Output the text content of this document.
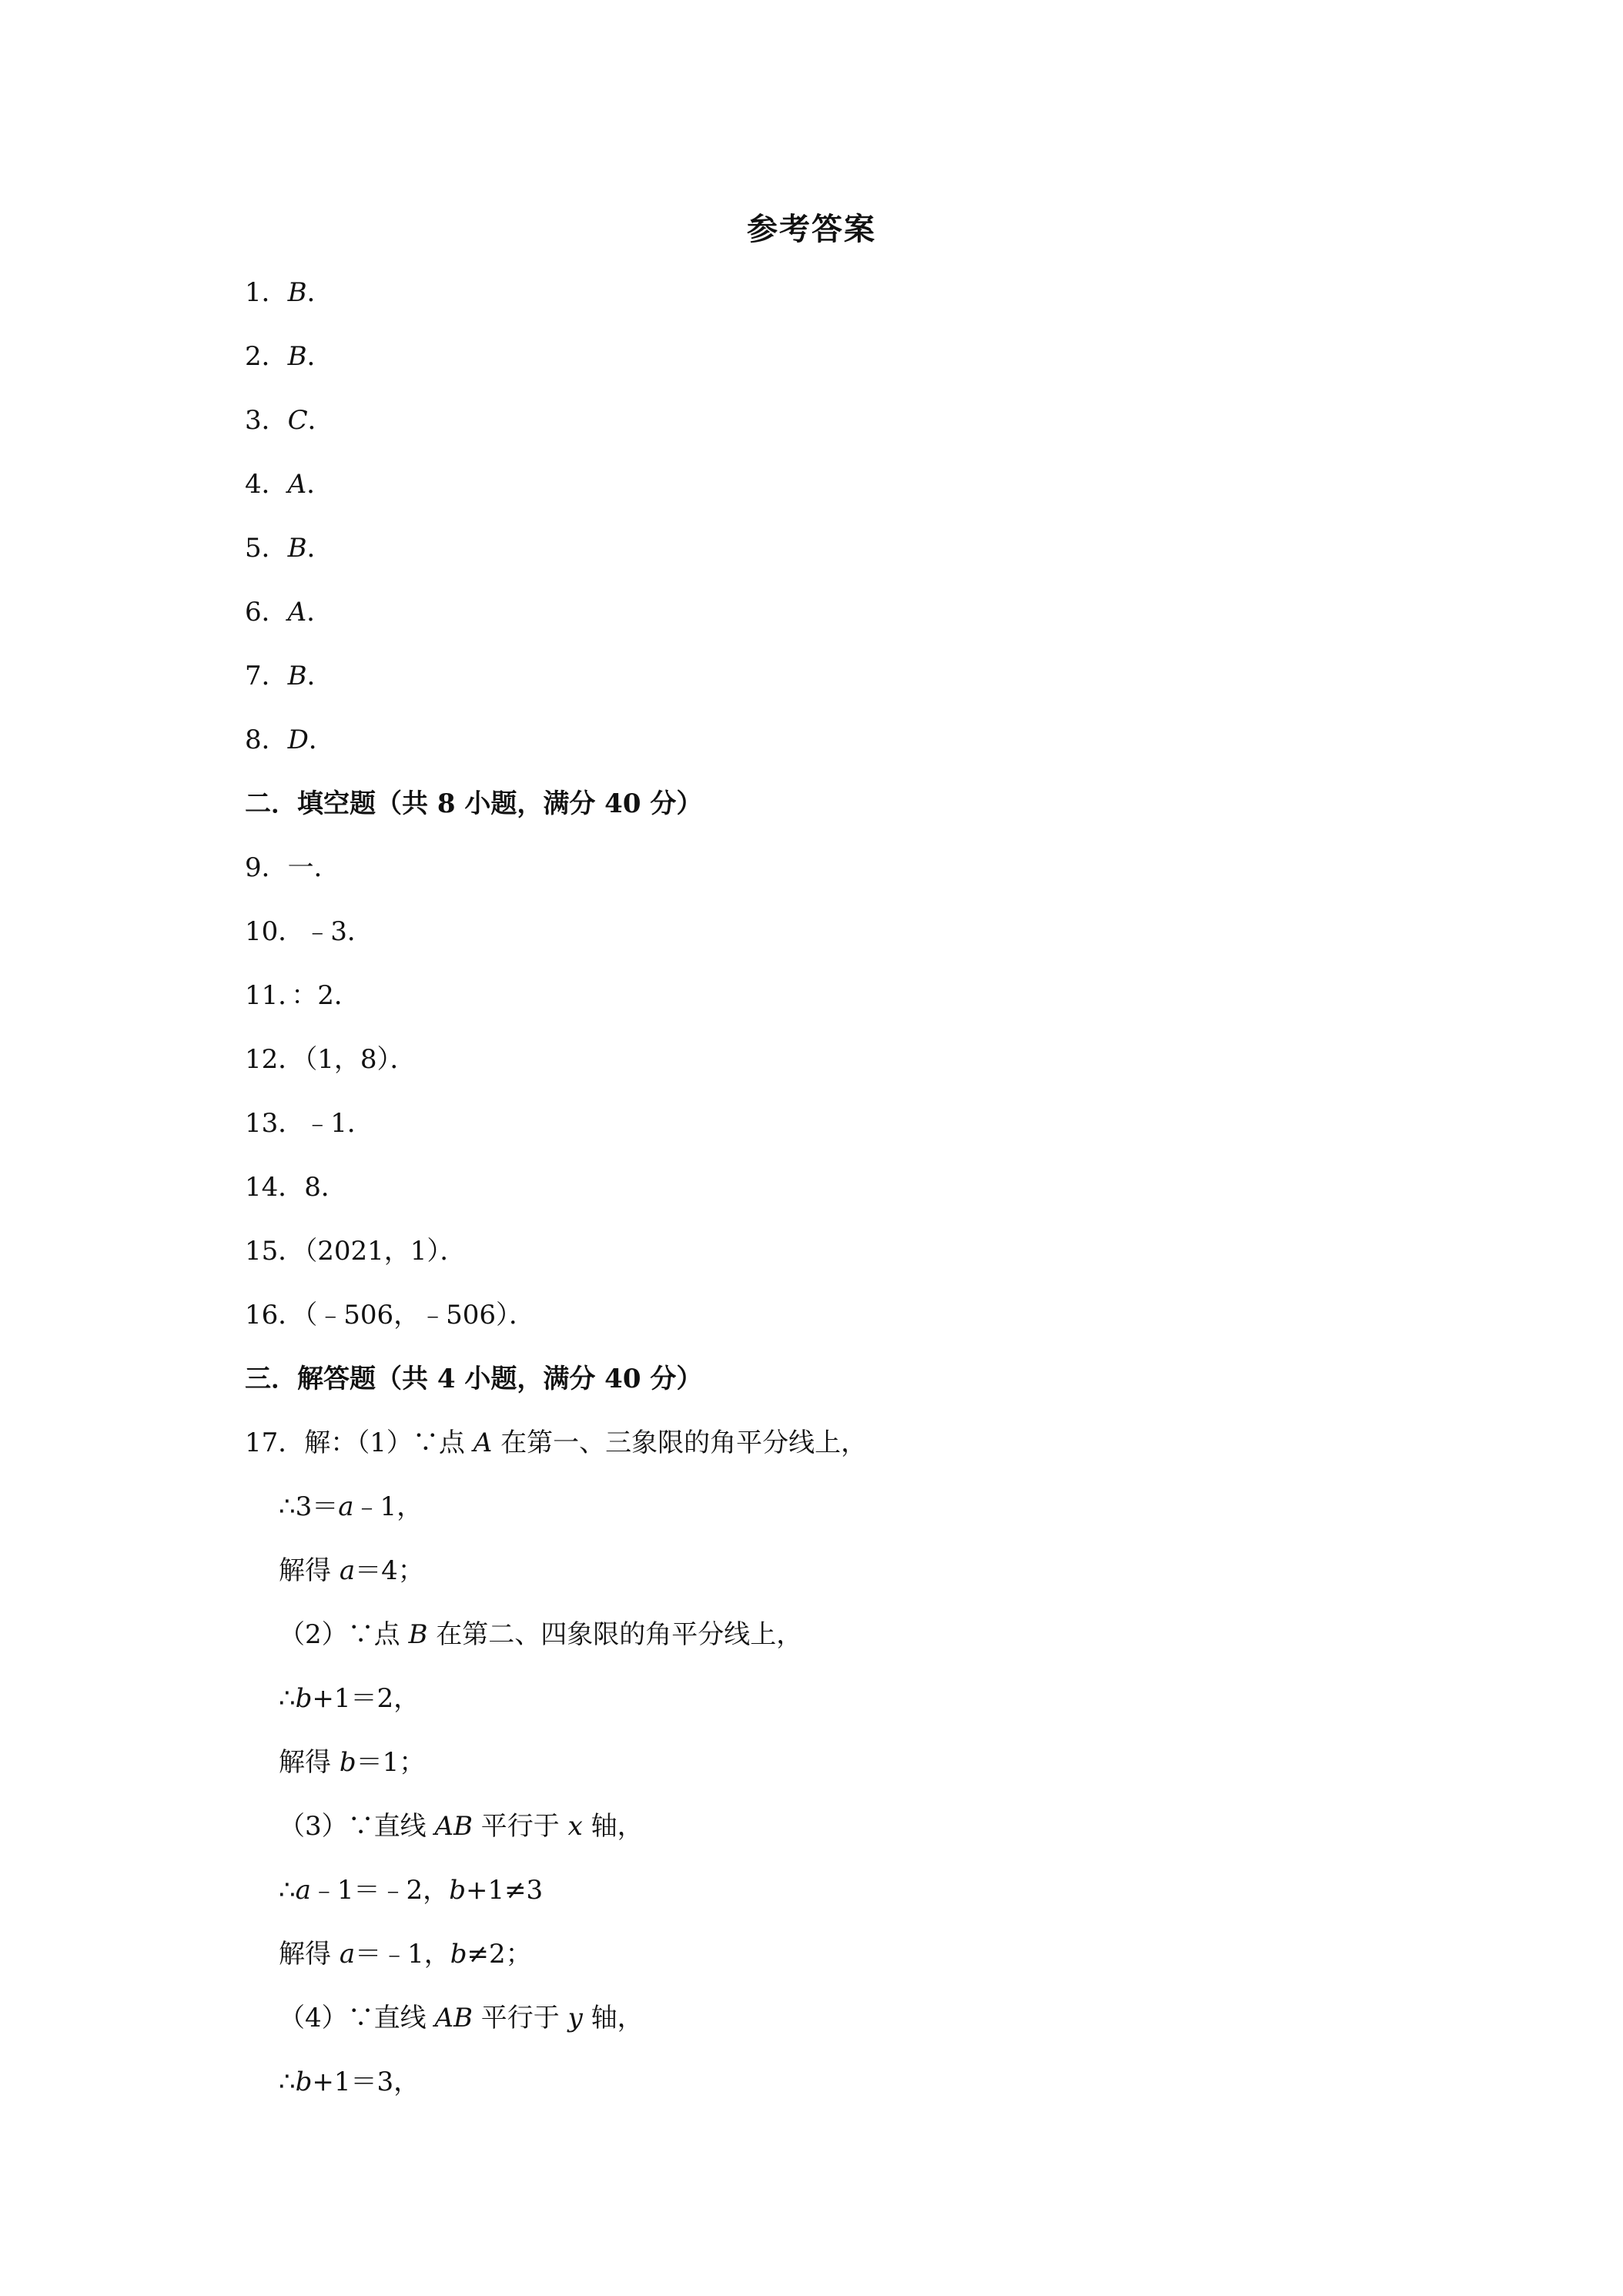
参考答案
1．B．
2．B．
3．C．
4．A．
5．B．
6．A．
7．B．
8．D．
二．填空题（共 8 小题，满分 40 分）
9．一．
10．﹣3．
11．：2．
12．（1，8）．
13．﹣1．
14．8．
15．（2021，1）．
16．（﹣506，﹣506）．
三．解答题（共 4 小题，满分 40 分）
17．解：（1）∵点 A 在第一、三象限的角平分线上，
∴3＝a﹣1，
解得 a＝4；
（2）∵点 B 在第二、四象限的角平分线上，
∴b+1＝2，
解得 b＝1；
（3）∵直线 AB 平行于 x 轴，
∴a﹣1＝﹣2，b+1≠3
解得 a＝﹣1，b≠2；
（4）∵直线 AB 平行于 y 轴，
∴b+1＝3，
